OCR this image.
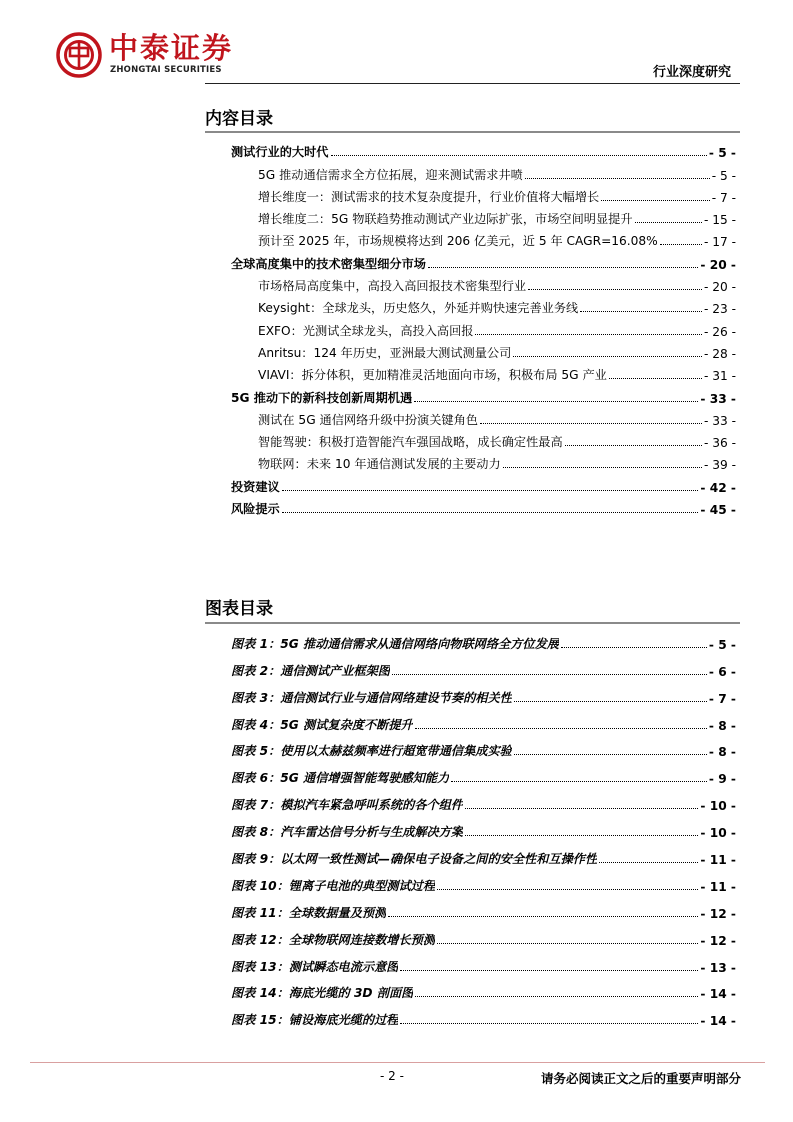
中泰证券
ZHONGTAI SECURITIES	行业深度研究
内容目录
测试行业的大时代	- 5 -
5G 推动通信需求全方位拓展，迎来测试需求井喷	- 5 -
增长维度一：测试需求的技术复杂度提升，行业价值将大幅增长	- 7 -
增长维度二：5G 物联趋势推动测试产业边际扩张，市场空间明显提升	- 15 -
预计至 2025 年，市场规模将达到 206 亿美元，近 5 年 CAGR=16.08%	- 17 -
全球高度集中的技术密集型细分市场	- 20 -
市场格局高度集中，高投入高回报技术密集型行业	- 20 -
Keysight：全球龙头，历史悠久，外延并购快速完善业务线	- 23 -
EXFO：光测试全球龙头，高投入高回报	- 26 -
Anritsu：124 年历史，亚洲最大测试测量公司	- 28 -
VIAVI：拆分体积，更加精准灵活地面向市场，积极布局 5G 产业	- 31 -
5G 推动下的新科技创新周期机遇	- 33 -
测试在 5G 通信网络升级中扮演关键角色	- 33 -
智能驾驶：积极打造智能汽车强国战略，成长确定性最高	- 36 -
物联网：未来 10 年通信测试发展的主要动力	- 39 -
投资建议	- 42 -
风险提示	- 45 -
图表目录
图表 1：5G 推动通信需求从通信网络向物联网络全方位发展	- 5 -
图表 2：通信测试产业框架图	- 6 -
图表 3：通信测试行业与通信网络建设节奏的相关性	- 7 -
图表 4：5G 测试复杂度不断提升	- 8 -
图表 5：使用以太赫兹频率进行超宽带通信集成实验	- 8 -
图表 6：5G 通信增强智能驾驶感知能力	- 9 -
图表 7：模拟汽车紧急呼叫系统的各个组件	- 10 -
图表 8：汽车雷达信号分析与生成解决方案	- 10 -
图表 9：以太网一致性测试—确保电子设备之间的安全性和互操作性	- 11 -
图表 10：锂离子电池的典型测试过程	- 11 -
图表 11：全球数据量及预测	- 12 -
图表 12：全球物联网连接数增长预测	- 12 -
图表 13：测试瞬态电流示意图	- 13 -
图表 14：海底光缆的 3D 剖面图	- 14 -
图表 15：铺设海底光缆的过程	- 14 -
- 2 -	请务必阅读正文之后的重要声明部分
